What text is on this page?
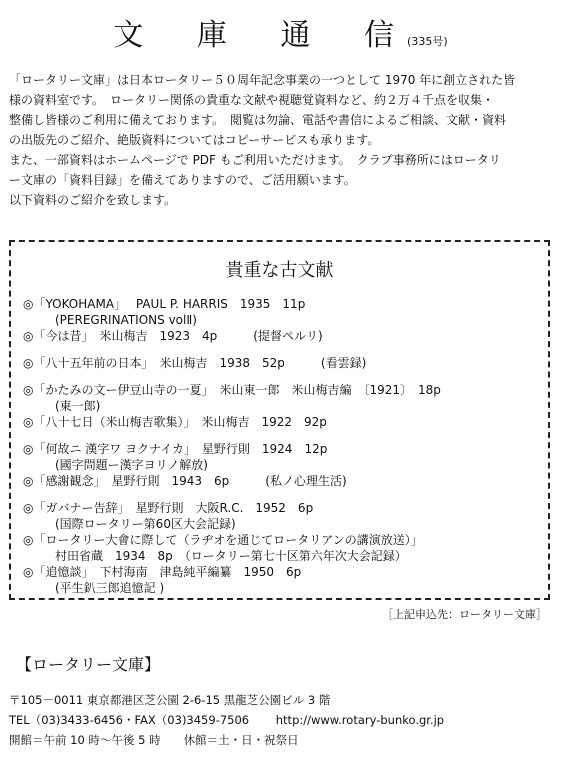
文 庫 通 信 (335号)

「ロータリー文庫」は日本ロータリー５０周年記念事業の一つとして 1970 年に創立された皆

様の資料室です。　ロータリー関係の貴重な文献や視聴覚資料など、約２万４千点を収集・

整備し皆様のご利用に備えております。　閲覧は勿論、電話や書信によるご相談、文献・資料

の出版先のご紹介、絶版資料についてはコピーサービスも承ります。

また、一部資料はホームページで PDF もご利用いただけます。　クラブ事務所にはロータリ

ー文庫の「資料目録」を備えてありますので、ご活用願います。

以下資料のご紹介を致します。

貴重な古文献
◎「YOKOHAMA」　 PAUL P. HARRIS　1935　11p
(PEREGRINATIONS volⅡ)
◎「今は昔」　米山梅吉　1923　4p　　　(提督ペルリ)
◎「八十五年前の日本」　米山梅吉　1938　52p　　　(看雲録)
◎「かたみの文ー伊豆山寺の一夏」　米山東一郎　米山梅吉編　〔1921〕　18p
(東一郎)
◎「八十七日（米山梅吉歌集）」　米山梅吉　1922　92p
◎「何故ニ 漢字ワ ヨクナイカ」　星野行則　1924　12p
(國字問題ー漢字ヨリノ解放)
◎「感謝観念」　星野行則　1943　6p　　　(私ノ心理生活)
◎「ガバナー告辞」　星野行則　大阪R.C.　1952　6p
(国際ロータリー第60区大会記録)
◎「ロータリー大會に際して（ラヂオを通じてロータリアンの講演放送）」
村田省蔵　1934　8p　（ロータリー第七十区第六年次大会記録）
◎「追憶談」　下村海南　津島純平編纂　1950　6p
(平生釟三郎追憶記 )
［上記申込先：ロータリー文庫］
【ロータリー文庫】
〒105－0011 東京都港区芝公園 2-6-15 黒龍芝公園ビル 3 階
TEL（03)3433-6456・FAX（03)3459-7506　　 http://www.rotary-bunko.gr.jp
開館＝午前 10 時～午後 5 時　　休館＝土・日・祝祭日
